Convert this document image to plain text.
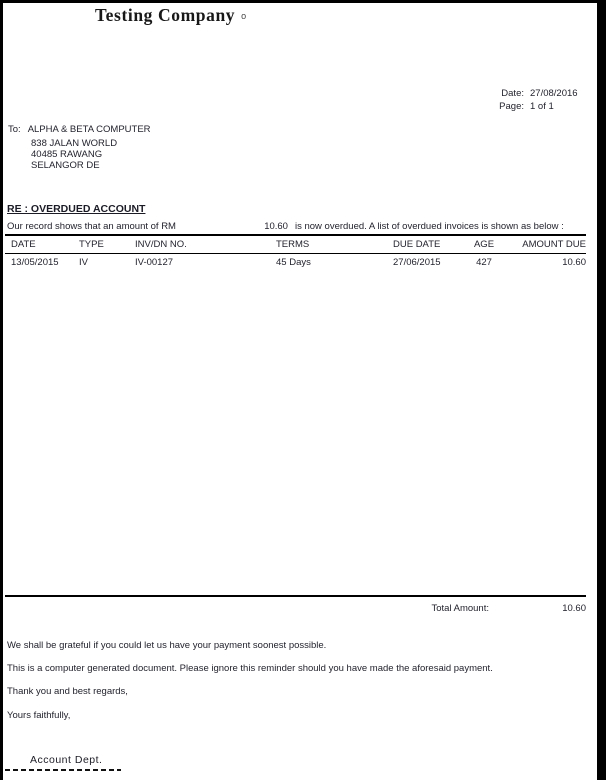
Testing Company o
Date: 27/08/2016
Page: 1 of 1
To: ALPHA & BETA COMPUTER
838 JALAN WORLD
40485 RAWANG
SELANGOR DE
RE : OVERDUED ACCOUNT
Our record shows that an amount of RM	10.60 is now overdued. A list of overdued invoices is shown as below :
DATE	TYPE	INV/DN NO.	TERMS	DUE DATE	AGE	AMOUNT DUE
13/05/2015	IV	IV-00127	45 Days	27/06/2015	427	10.60
Total Amount:	10.60
We shall be grateful if you could let us have your payment soonest possible.
This is a computer generated document. Please ignore this reminder should you have made the aforesaid payment.
Thank you and best regards,
Yours faithfully,
Account Dept.
